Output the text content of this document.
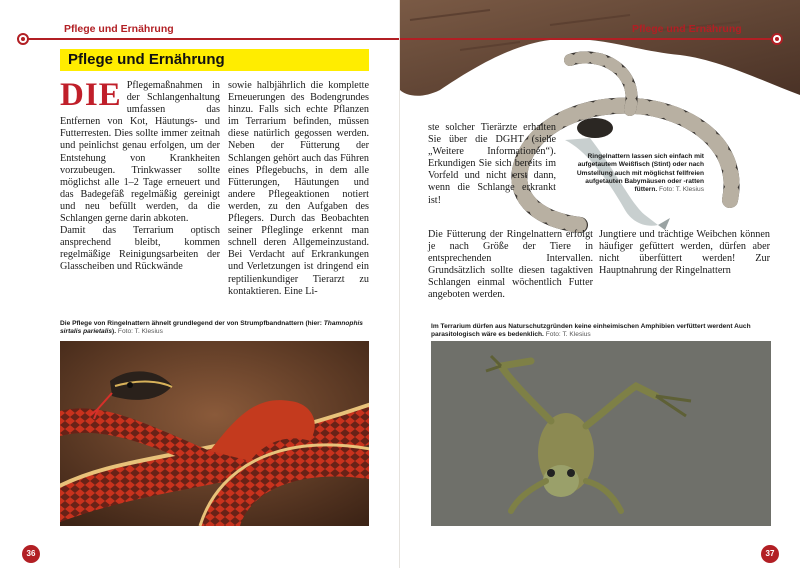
Pflege und Ernährung
Pflege und Ernährung
DIE Pflegemaßnahmen in der Schlangenhaltung umfassen das Entfernen von Kot, Häutungs- und Futterresten. Dies sollte immer zeitnah und peinlichst genau erfolgen, um der Entstehung von Krankheiten vorzubeugen. Trinkwasser sollte möglichst alle 1–2 Tage erneuert und das Badegefäß regelmäßig gereinigt und neu befüllt werden, da die Schlangen gerne darin abkoten.
Damit das Terrarium optisch ansprechend bleibt, kommen regelmäßige Reinigungsarbeiten der Glasscheiben und Rückwände
sowie halbjährlich die komplette Erneuerungen des Bodengrundes hinzu. Falls sich echte Pflanzen im Terrarium befinden, müssen diese natürlich gegossen werden. Neben der Fütterung der Schlangen gehört auch das Führen eines Pflegebuchs, in dem alle Fütterungen, Häutungen und andere Pflegeaktionen notiert werden, zu den Aufgaben des Pflegers. Durch das Beobachten seiner Pfleglinge erkennt man schnell deren Allgemeinzustand. Bei Verdacht auf Erkrankungen und Verletzungen ist dringend ein reptilienkundiger Tierarzt zu kontaktieren. Eine Li-
Die Pflege von Ringelnattern ähnelt grundlegend der von Strumpfbandnattern (hier: Thamnophis sirtalis parietalis). Foto: T. Klesius
36
Pflege und Ernährung
ste solcher Tierärzte erhalten Sie über die DGHT (siehe „Weitere Informationen“). Erkundigen Sie sich bereits im Vorfeld und nicht erst dann, wenn die Schlange erkrankt ist!
Die Fütterung der Ringelnattern erfolgt je nach Größe der Tiere in entsprechenden Intervallen. Grundsätzlich sollte diesen tagaktiven Schlangen einmal wöchentlich Futter angeboten werden.
Jungtiere und trächtige Weibchen können häufiger gefüttert werden, dürfen aber nicht überfüttert werden! Zur Hauptnahrung der Ringelnattern
Im Terrarium dürfen aus Naturschutzgründen keine einheimischen Amphibien verfüttert werdent Auch parasitologisch wäre es bedenklich. Foto: T. Klesius
37
Ringelnattern lassen sich einfach mit aufgetautem Weißfisch (Stint) oder nach Umstellung auch mit möglichst fellfreien aufgetauten Babymäusen oder -ratten füttern. Foto: T. Klesius
